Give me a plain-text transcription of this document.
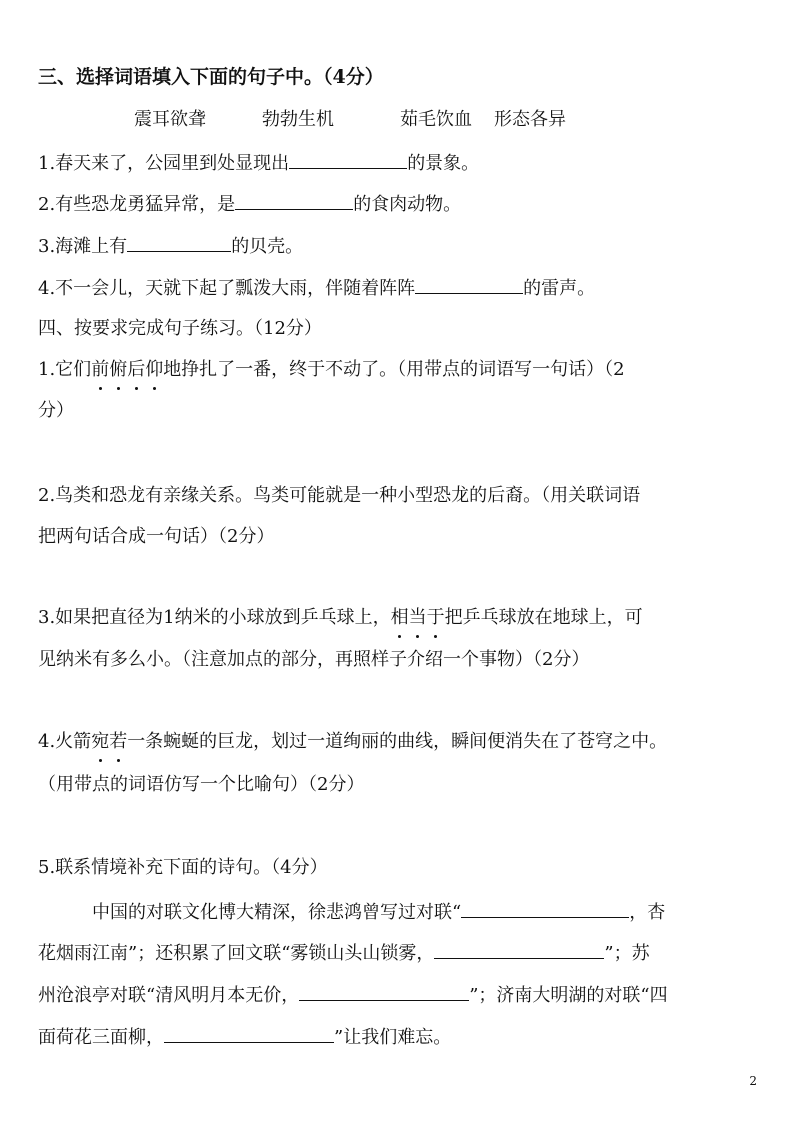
三、选择词语填入下面的句子中。（4分）
震耳欲聋	勃勃生机	茹毛饮血 形态各异
1.春天来了，公园里到处显现出	的景象。
2.有些恐龙勇猛异常，是	的食肉动物。
3.海滩上有	的贝壳。
4.不一会儿，天就下起了瓢泼大雨，伴随着阵阵	的雷声。
四、按要求完成句子练习。（12分）
1.它们前俯后仰地挣扎了一番，终于不动了。（用带点的词语写一句话）（2
分）
2.鸟类和恐龙有亲缘关系。鸟类可能就是一种小型恐龙的后裔。（用关联词语
把两句话合成一句话）（2分）
3.如果把直径为1纳米的小球放到乒乓球上，相当于把乒乓球放在地球上，可
见纳米有多么小。（注意加点的部分，再照样子介绍一个事物）（2分）
4.火箭宛若一条蜿蜒的巨龙，划过一道绚丽的曲线，瞬间便消失在了苍穹之中。
（用带点的词语仿写一个比喻句）（2分）
5.联系情境补充下面的诗句。（4分）
中国的对联文化博大精深，徐悲鸿曾写过对联“	，杏
花烟雨江南”；还积累了回文联“雾锁山头山锁雾，	”；苏
州沧浪亭对联“清风明月本无价，	”；济南大明湖的对联“四
面荷花三面柳，	”让我们难忘。
2
